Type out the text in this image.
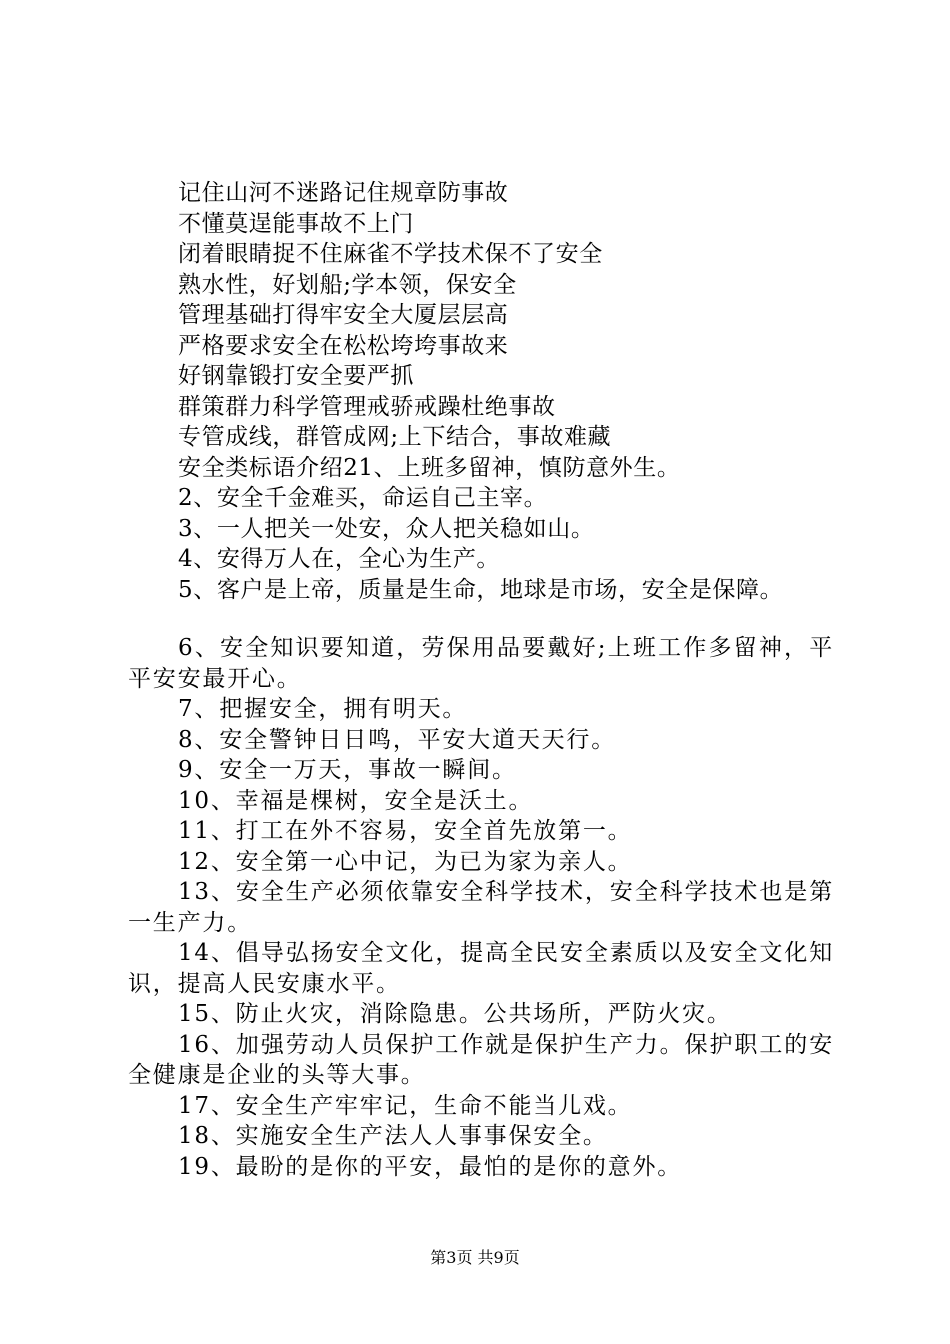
记住山河不迷路记住规章防事故
不懂莫逞能事故不上门
闭着眼睛捉不住麻雀不学技术保不了安全
熟水性，好划船;学本领，保安全
管理基础打得牢安全大厦层层高
严格要求安全在松松垮垮事故来
好钢靠锻打安全要严抓
群策群力科学管理戒骄戒躁杜绝事故
专管成线，群管成网;上下结合，事故难藏
安全类标语介绍21、上班多留神，慎防意外生。
2、安全千金难买，命运自己主宰。
3、一人把关一处安，众人把关稳如山。
4、安得万人在，全心为生产。
5、客户是上帝，质量是生命，地球是市场，安全是保障。
6、安全知识要知道，劳保用品要戴好;上班工作多留神，平平安安最开心。
7、把握安全，拥有明天。
8、安全警钟日日鸣，平安大道天天行。
9、安全一万天，事故一瞬间。
10、幸福是棵树，安全是沃土。
11、打工在外不容易，安全首先放第一。
12、安全第一心中记，为已为家为亲人。
13、安全生产必须依靠安全科学技术，安全科学技术也是第一生产力。
14、倡导弘扬安全文化，提高全民安全素质以及安全文化知识，提高人民安康水平。
15、防止火灾，消除隐患。公共场所，严防火灾。
16、加强劳动人员保护工作就是保护生产力。保护职工的安全健康是企业的头等大事。
17、安全生产牢牢记，生命不能当儿戏。
18、实施安全生产法人人事事保安全。
19、最盼的是你的平安，最怕的是你的意外。
第3页 共9页
